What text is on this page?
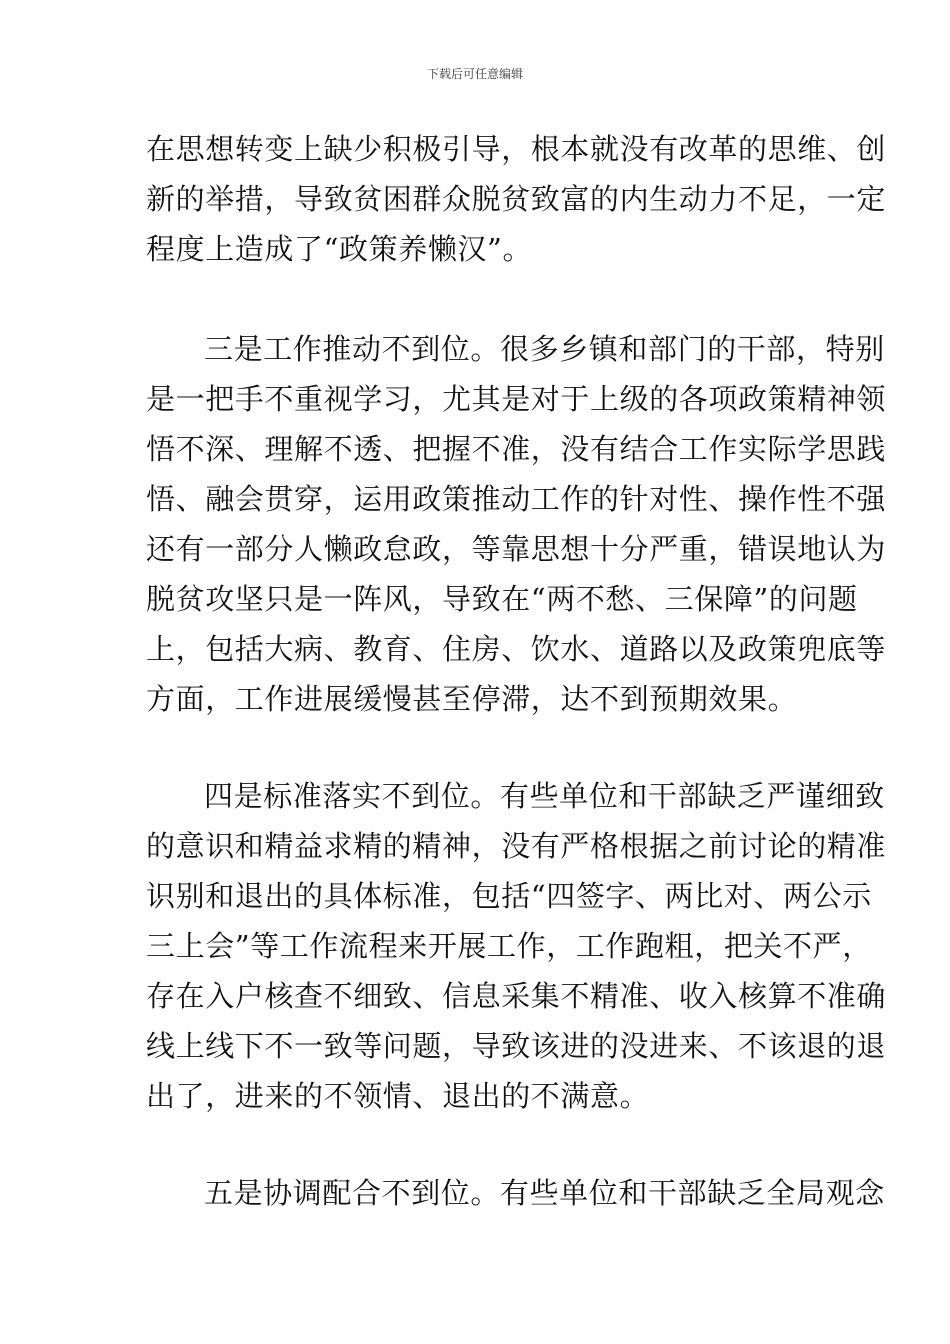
下载后可任意编辑
在思想转变上缺少积极引导，根本就没有改革的思维、创
新的举措，导致贫困群众脱贫致富的内生动力不足，一定
程度上造成了“政策养懒汉”。
三是工作推动不到位。很多乡镇和部门的干部，特别
是一把手不重视学习，尤其是对于上级的各项政策精神领
悟不深、理解不透、把握不准，没有结合工作实际学思践
悟、融会贯穿，运用政策推动工作的针对性、操作性不强
还有一部分人懒政怠政，等靠思想十分严重，错误地认为
脱贫攻坚只是一阵风，导致在“两不愁、三保障”的问题
上，包括大病、教育、住房、饮水、道路以及政策兜底等
方面，工作进展缓慢甚至停滞，达不到预期效果。
四是标准落实不到位。有些单位和干部缺乏严谨细致
的意识和精益求精的精神，没有严格根据之前讨论的精准
识别和退出的具体标准，包括“四签字、两比对、两公示
三上会”等工作流程来开展工作，工作跑粗，把关不严，
存在入户核查不细致、信息采集不精准、收入核算不准确
线上线下不一致等问题，导致该进的没进来、不该退的退
出了，进来的不领情、退出的不满意。
五是协调配合不到位。有些单位和干部缺乏全局观念
